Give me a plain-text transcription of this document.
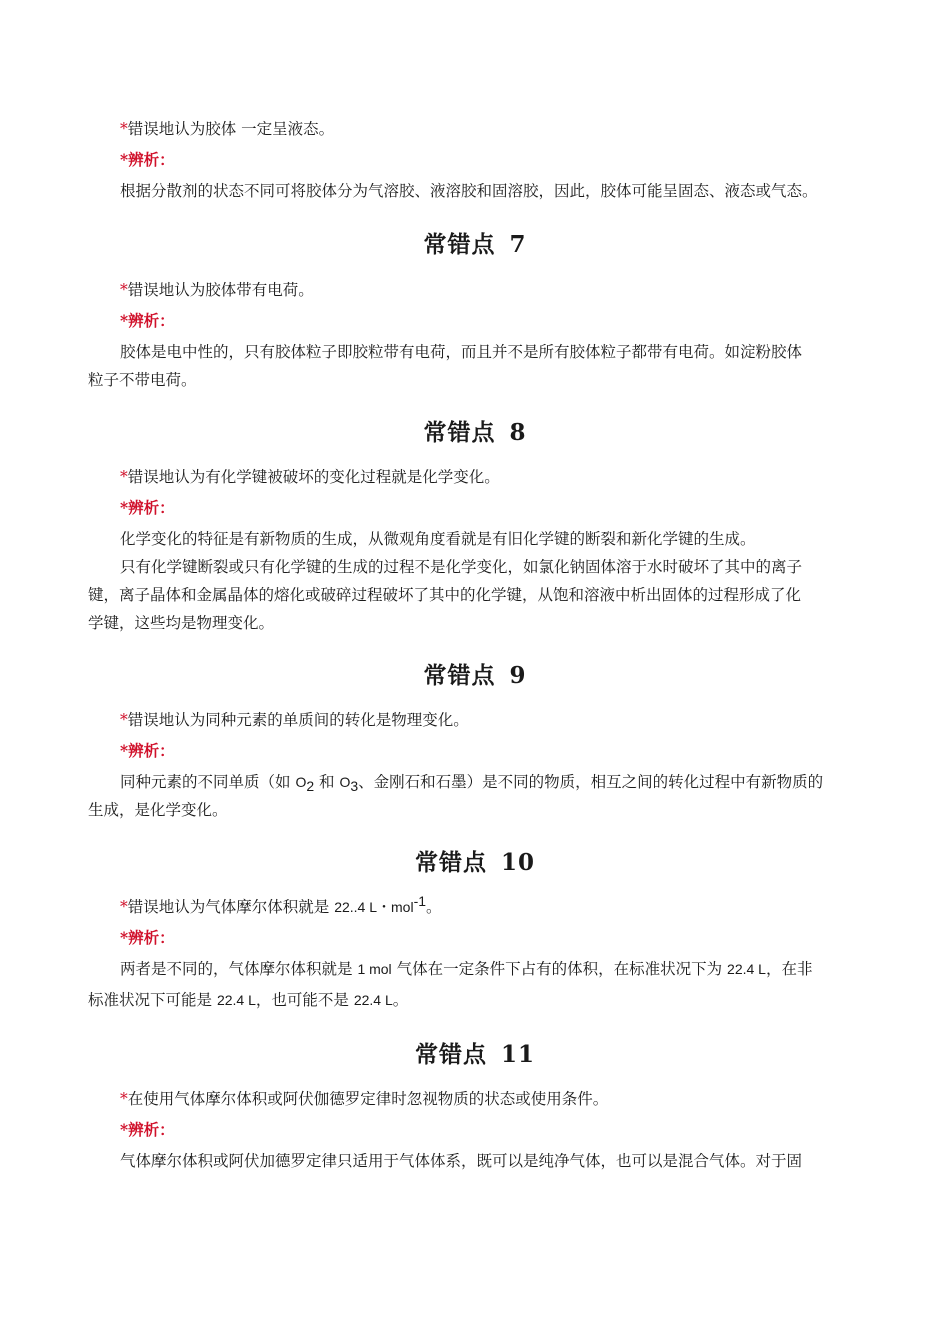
*错误地认为胶体 一定呈液态。
*辨析：
根据分散剂的状态不同可将胶体分为气溶胶、液溶胶和固溶胶，因此，胶体可能呈固态、液态或气态。
常错点 7
*错误地认为胶体带有电荷。
*辨析：
胶体是电中性的，只有胶体粒子即胶粒带有电荷，而且并不是所有胶体粒子都带有电荷。如淀粉胶体
粒子不带电荷。
常错点 8
*错误地认为有化学键被破坏的变化过程就是化学变化。
*辨析：
化学变化的特征是有新物质的生成，从微观角度看就是有旧化学键的断裂和新化学键的生成。
只有化学键断裂或只有化学键的生成的过程不是化学变化，如氯化钠固体溶于水时破坏了其中的离子
键，离子晶体和金属晶体的熔化或破碎过程破坏了其中的化学键，从饱和溶液中析出固体的过程形成了化
学键，这些均是物理变化。
常错点 9
*错误地认为同种元素的单质间的转化是物理变化。
*辨析：
同种元素的不同单质（如 $O_2$ 和 $O_3$、金刚石和石墨）是不同的物质，相互之间的转化过程中有新物质的
生成，是化学变化。
常错点 10
*错误地认为气体摩尔体积就是 22..4 L・mol$^{-1}$。
*辨析：
两者是不同的，气体摩尔体积就是 1 mol 气体在一定条件下占有的体积，在标准状况下为 22.4 L，在非
标准状况下可能是 22.4 L，也可能不是 22.4 L。
常错点 11
*在使用气体摩尔体积或阿伏伽德罗定律时忽视物质的状态或使用条件。
*辨析：
气体摩尔体积或阿伏加德罗定律只适用于气体体系，既可以是纯净气体，也可以是混合气体。对于固
